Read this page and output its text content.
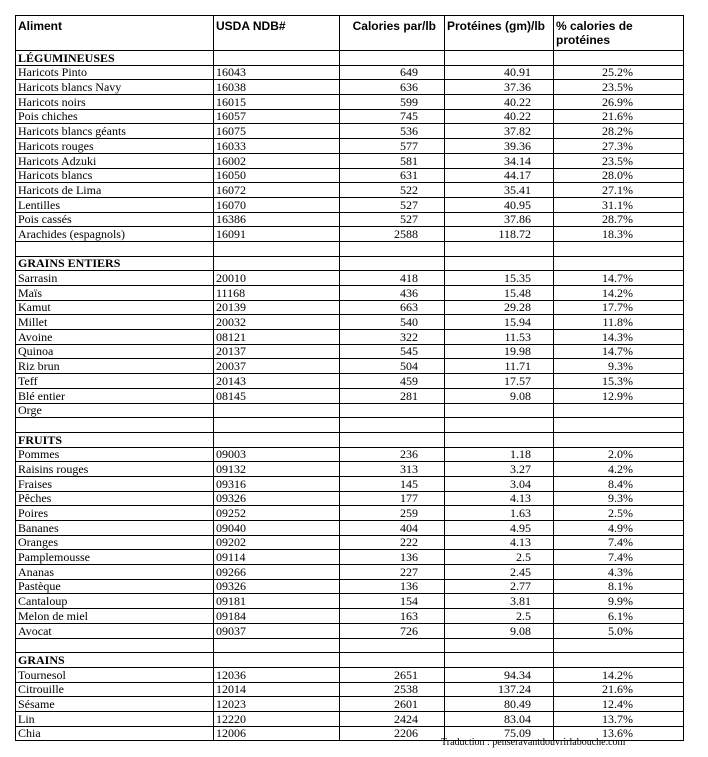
Aliment	USDA NDB#	Calories par/lb	Protéines (gm)/lb	% calories de protéines
LÉGUMINEUSES				
Haricots Pinto	16043	649	40.91	25.2%
Haricots blancs Navy	16038	636	37.36	23.5%
Haricots noirs	16015	599	40.22	26.9%
Pois chiches	16057	745	40.22	21.6%
Haricots blancs géants	16075	536	37.82	28.2%
Haricots rouges	16033	577	39.36	27.3%
Haricots Adzuki	16002	581	34.14	23.5%
Haricots blancs	16050	631	44.17	28.0%
Haricots de Lima	16072	522	35.41	27.1%
Lentilles	16070	527	40.95	31.1%
Pois cassés	16386	527	37.86	28.7%
Arachides (espagnols)	16091	2588	118.72	18.3%

GRAINS ENTIERS				
Sarrasin	20010	418	15.35	14.7%
Maïs	11168	436	15.48	14.2%
Kamut	20139	663	29.28	17.7%
Millet	20032	540	15.94	11.8%
Avoine	08121	322	11.53	14.3%
Quinoa	20137	545	19.98	14.7%
Riz brun	20037	504	11.71	9.3%
Teff	20143	459	17.57	15.3%
Blé entier	08145	281	9.08	12.9%
Orge				

FRUITS				
Pommes	09003	236	1.18	2.0%
Raisins rouges	09132	313	3.27	4.2%
Fraises	09316	145	3.04	8.4%
Pêches	09326	177	4.13	9.3%
Poires	09252	259	1.63	2.5%
Bananes	09040	404	4.95	4.9%
Oranges	09202	222	4.13	7.4%
Pamplemousse	09114	136	2.5	7.4%
Ananas	09266	227	2.45	4.3%
Pastèque	09326	136	2.77	8.1%
Cantaloup	09181	154	3.81	9.9%
Melon de miel	09184	163	2.5	6.1%
Avocat	09037	726	9.08	5.0%

GRAINS				
Tournesol	12036	2651	94.34	14.2%
Citrouille	12014	2538	137.24	21.6%
Sésame	12023	2601	80.49	12.4%
Lin	12220	2424	83.04	13.7%
Chia	12006	2206	75.09	13.6%
Traduction : penseravantdouvrirlabouche.com
